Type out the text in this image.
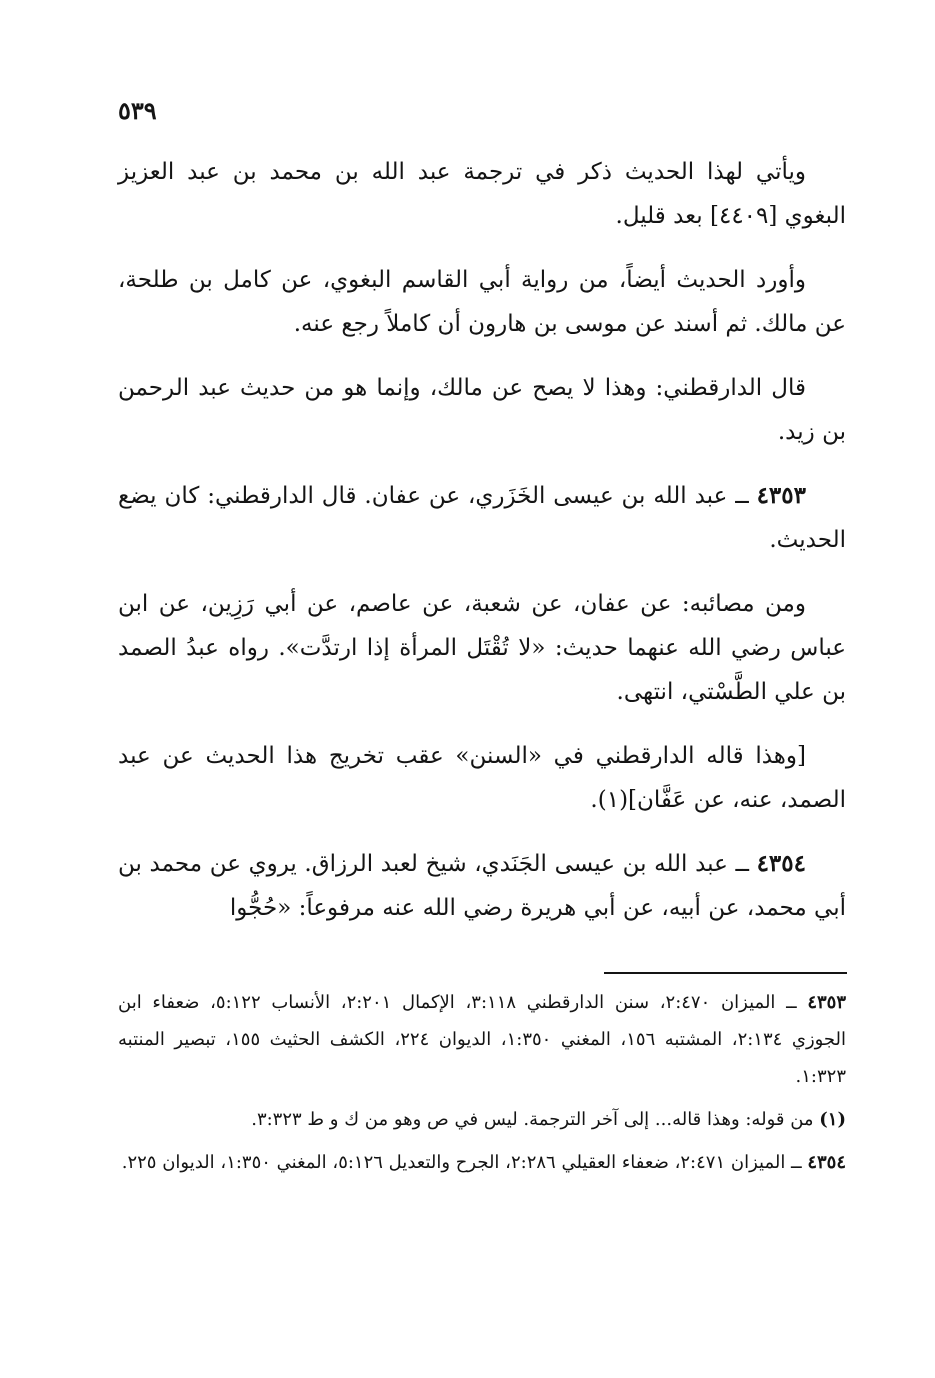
٥٣٩

ويأتي لهذا الحديث ذكر في ترجمة عبد الله بن محمد بن عبد العزيز البغوي [٤٤٠٩] بعد قليل.

وأورد الحديث أيضاً، من رواية أبي القاسم البغوي، عن كامل بن طلحة، عن مالك. ثم أسند عن موسى بن هارون أن كاملاً رجع عنه.

قال الدارقطني: وهذا لا يصح عن مالك، وإنما هو من حديث عبد الرحمن بن زيد.

٤٣٥٣ ــ عبد الله بن عيسى الخَزَري، عن عفان. قال الدارقطني: كان يضع الحديث.

ومن مصائبه: عن عفان، عن شعبة، عن عاصم، عن أبي رَزِين، عن ابن عباس رضي الله عنهما حديث: «لا تُقْتَل المرأة إذا ارتدَّت». رواه عبدُ الصمد بن علي الطَّسْتي، انتهى.

[وهذا قاله الدارقطني في «السنن» عقب تخريج هذا الحديث عن عبد الصمد، عنه، عن عَفَّان](١).

٤٣٥٤ ــ عبد الله بن عيسى الجَنَدي، شيخ لعبد الرزاق. يروي عن محمد بن أبي محمد، عن أبيه، عن أبي هريرة رضي الله عنه مرفوعاً: «حُجُّوا

٤٣٥٣ ــ الميزان ٢:٤٧٠، سنن الدارقطني ٣:١١٨، الإكمال ٢:٢٠١، الأنساب ٥:١٢٢، ضعفاء ابن الجوزي ٢:١٣٤، المشتبه ١٥٦، المغني ١:٣٥٠، الديوان ٢٢٤، الكشف الحثيث ١٥٥، تبصير المنتبه ١:٣٢٣.

(١) من قوله: وهذا قاله... إلى آخر الترجمة. ليس في ص وهو من ك و ط ٣:٣٢٣.

٤٣٥٤ ــ الميزان ٢:٤٧١، ضعفاء العقيلي ٢:٢٨٦، الجرح والتعديل ٥:١٢٦، المغني ١:٣٥٠، الديوان ٢٢٥.
